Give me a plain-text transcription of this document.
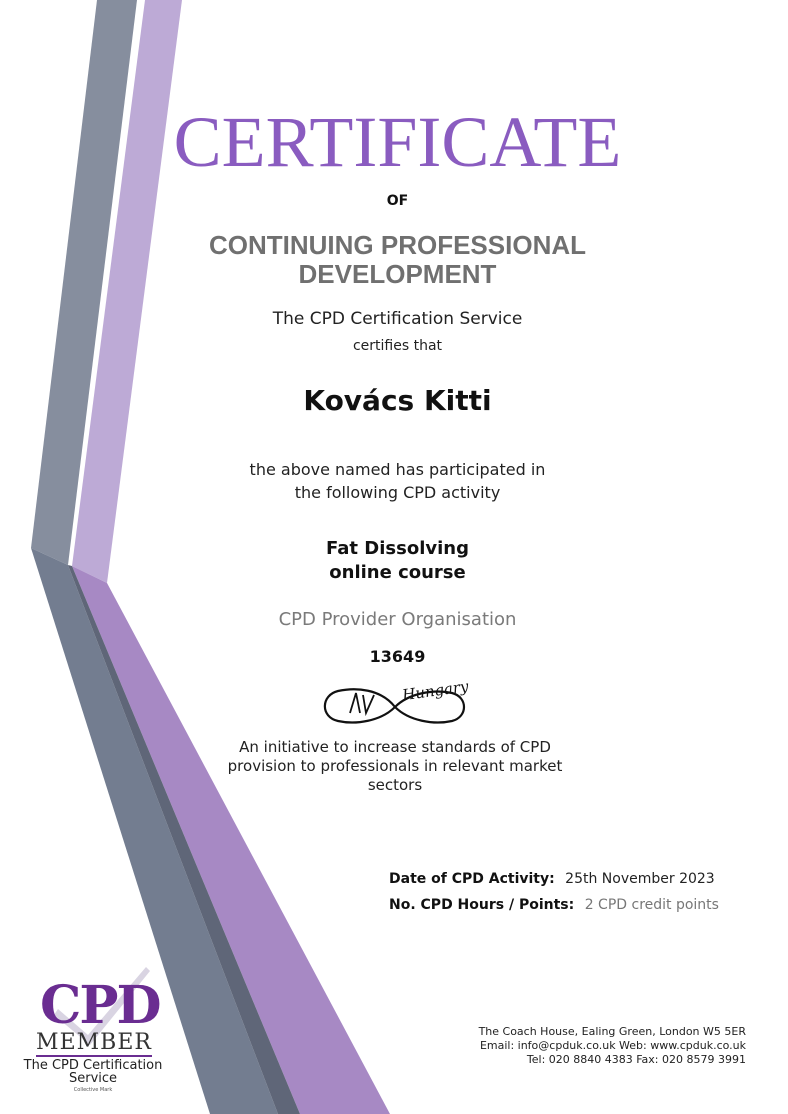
CERTIFICATE
OF
CONTINUING PROFESSIONAL
DEVELOPMENT
The CPD Certification Service
certifies that
Kovács Kitti
the above named has participated in
the following CPD activity
Fat Dissolving
online course
CPD Provider Organisation
13649
Hungary
An initiative to increase standards of CPD
provision to professionals in relevant market
sectors
Date of CPD Activity: 25th November 2023
No. CPD Hours / Points: 2 CPD credit points
The Coach House, Ealing Green, London W5 5ER
Email: info@cpduk.co.uk Web: www.cpduk.co.uk
Tel: 020 8840 4383 Fax: 020 8579 3991
CPD
MEMBER
The CPD Certification
Service
Collective Mark
